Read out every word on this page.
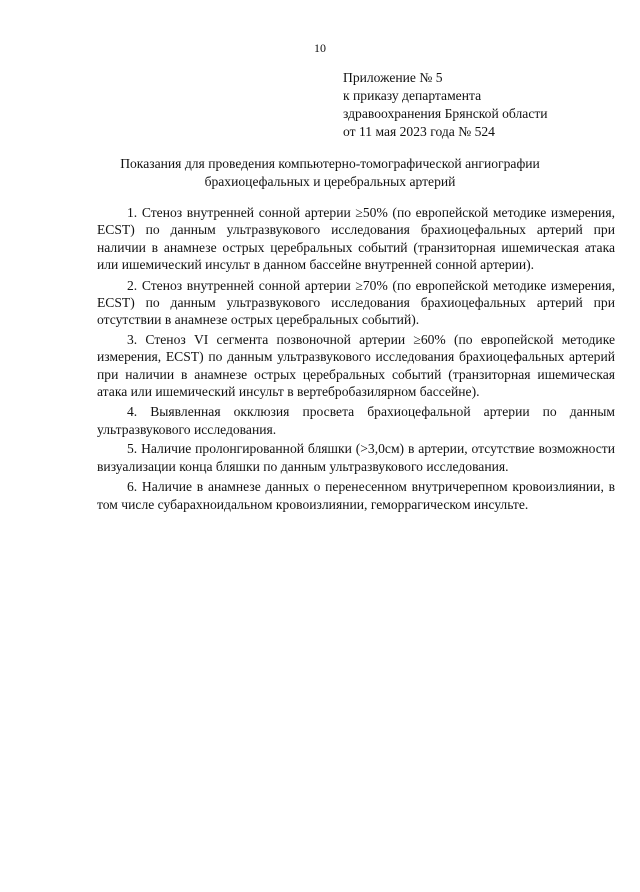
10
Приложение № 5
к приказу департамента
здравоохранения Брянской области
от 11 мая 2023 года № 524
Показания для проведения компьютерно-томографической ангиографии
брахиоцефальных и церебральных артерий

1. Стеноз внутренней сонной артерии ≥50% (по европейской методике измерения, ECST) по данным ультразвукового исследования брахиоцефальных артерий при наличии в анамнезе острых церебральных событий (транзиторная ишемическая атака или ишемический инсульт в данном бассейне внутренней сонной артерии).

2. Стеноз внутренней сонной артерии ≥70% (по европейской методике измерения, ECST) по данным ультразвукового исследования брахиоцефальных артерий при отсутствии в анамнезе острых церебральных событий).

3. Стеноз VI сегмента позвоночной артерии ≥60% (по европейской методике измерения, ECST) по данным ультразвукового исследования брахиоцефальных артерий при наличии в анамнезе острых церебральных событий (транзиторная ишемическая атака или ишемический инсульт в вертебробазилярном бассейне).

4. Выявленная окклюзия просвета брахиоцефальной артерии по данным ультразвукового исследования.

5. Наличие пролонгированной бляшки (>3,0см) в артерии, отсутствие возможности визуализации конца бляшки по данным ультразвукового исследования.

6. Наличие в анамнезе данных о перенесенном внутричерепном кровоизлиянии, в том числе субарахноидальном кровоизлиянии, геморрагическом инсульте.
